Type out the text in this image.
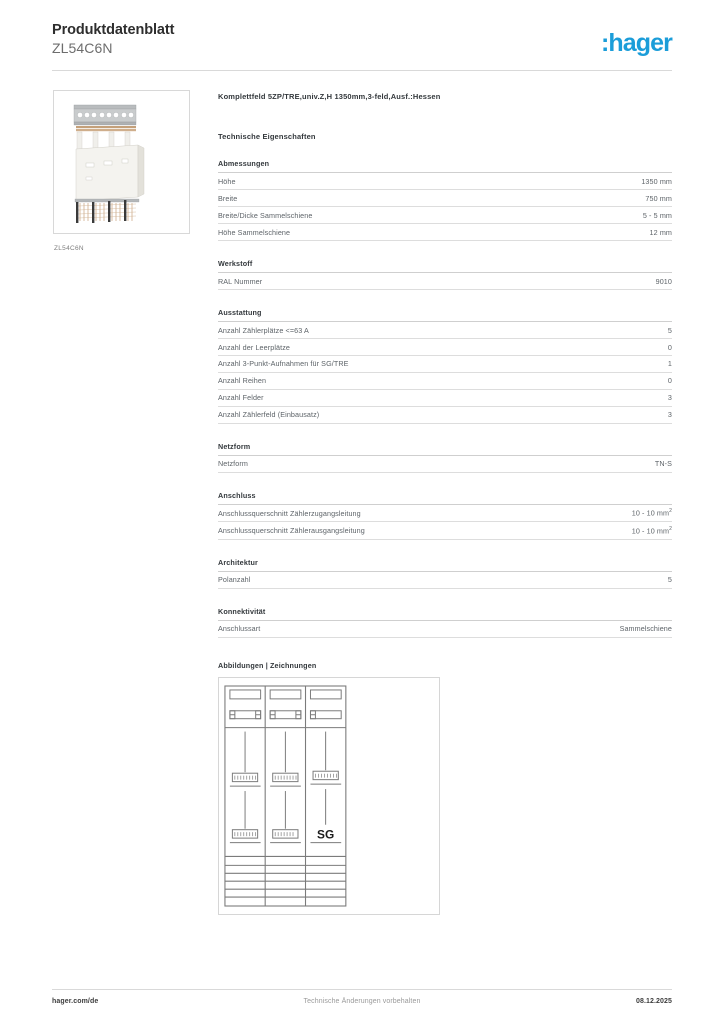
Produktdatenblatt
ZL54C6N	:hager
ZL54C6N
Komplettfeld 5ZP/TRE,univ.Z,H 1350mm,3-feld,Ausf.:Hessen
Technische Eigenschaften
Abmessungen
Höhe	1350 mm
Breite	750 mm
Breite/Dicke Sammelschiene	5 - 5 mm
Höhe Sammelschiene	12 mm
Werkstoff
RAL Nummer	9010
Ausstattung
Anzahl Zählerplätze <=63 A	5
Anzahl der Leerplätze	0
Anzahl 3-Punkt-Aufnahmen für SG/TRE	1
Anzahl Reihen	0
Anzahl Felder	3
Anzahl Zählerfeld (Einbausatz)	3
Netzform
Netzform	TN-S
Anschluss
Anschlussquerschnitt Zählerzugangsleitung	10 - 10 $mm^2$
Anschlussquerschnitt Zählerausgangsleitung	10 - 10 $mm^2$
Architektur
Polanzahl	5
Konnektivität
Anschlussart	Sammelschiene
Abbildungen | Zeichnungen
SG
hager.com/de	Technische Änderungen vorbehalten	08.12.2025
